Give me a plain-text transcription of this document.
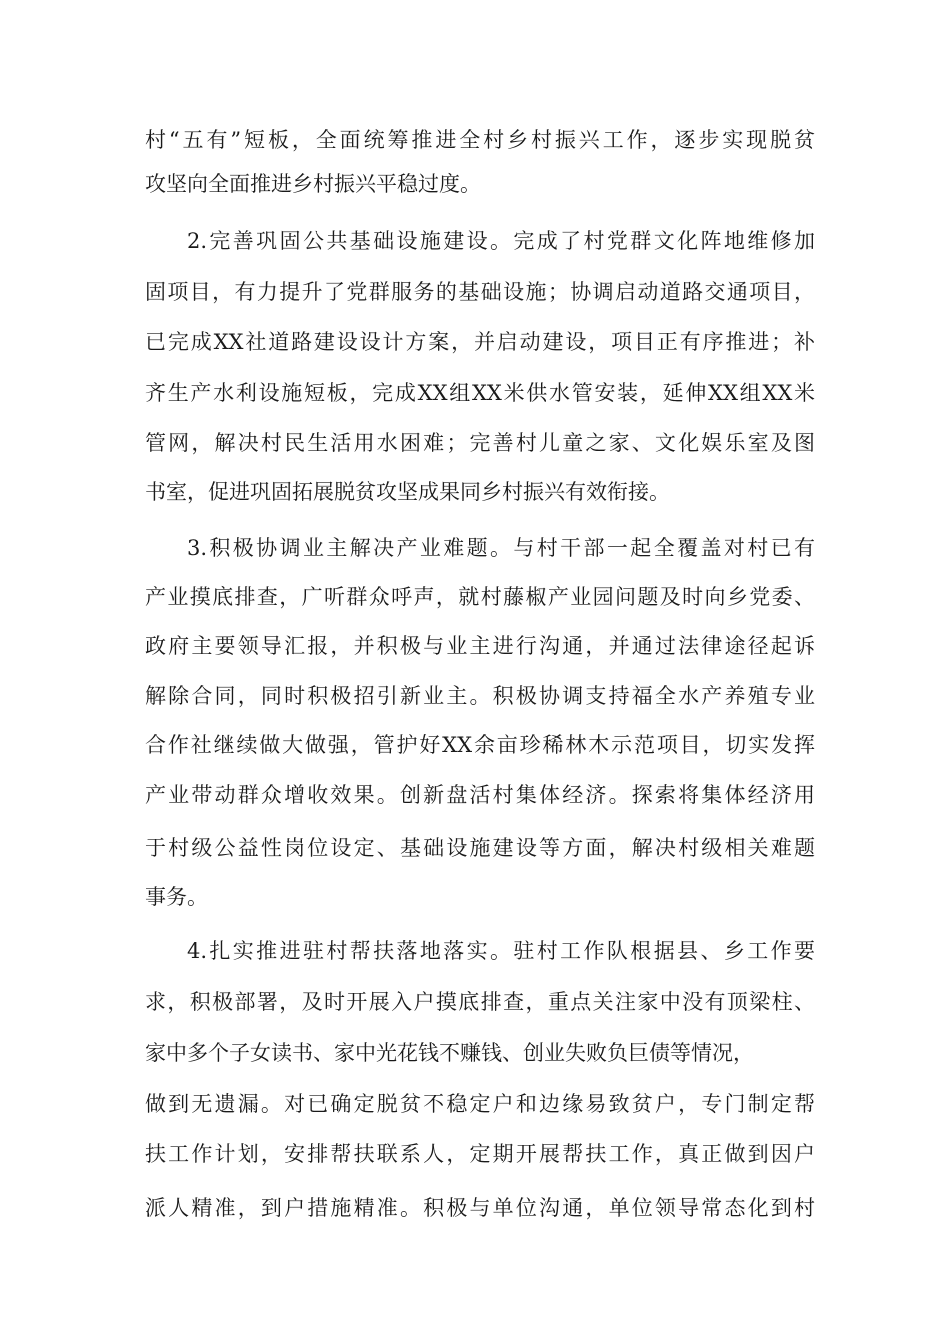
村“五有”短板，全面统筹推进全村乡村振兴工作，逐步实现脱贫
攻坚向全面推进乡村振兴平稳过度。
2.完善巩固公共基础设施建设。完成了村党群文化阵地维修加
固项目，有力提升了党群服务的基础设施；协调启动道路交通项目，
已完成XX社道路建设设计方案，并启动建设，项目正有序推进；补
齐生产水利设施短板，完成XX组XX米供水管安装，延伸XX组XX米
管网，解决村民生活用水困难；完善村儿童之家、文化娱乐室及图
书室，促进巩固拓展脱贫攻坚成果同乡村振兴有效衔接。
3.积极协调业主解决产业难题。与村干部一起全覆盖对村已有
产业摸底排查，广听群众呼声，就村藤椒产业园问题及时向乡党委、
政府主要领导汇报，并积极与业主进行沟通，并通过法律途径起诉
解除合同，同时积极招引新业主。积极协调支持福全水产养殖专业
合作社继续做大做强，管护好XX余亩珍稀林木示范项目，切实发挥
产业带动群众增收效果。创新盘活村集体经济。探索将集体经济用
于村级公益性岗位设定、基础设施建设等方面，解决村级相关难题
事务。
4.扎实推进驻村帮扶落地落实。驻村工作队根据县、乡工作要
求，积极部署，及时开展入户摸底排查，重点关注家中没有顶梁柱、
家中多个子女读书、家中光花钱不赚钱、创业失败负巨债等情况，
做到无遗漏。对已确定脱贫不稳定户和边缘易致贫户，专门制定帮
扶工作计划，安排帮扶联系人，定期开展帮扶工作，真正做到因户
派人精准，到户措施精准。积极与单位沟通，单位领导常态化到村
